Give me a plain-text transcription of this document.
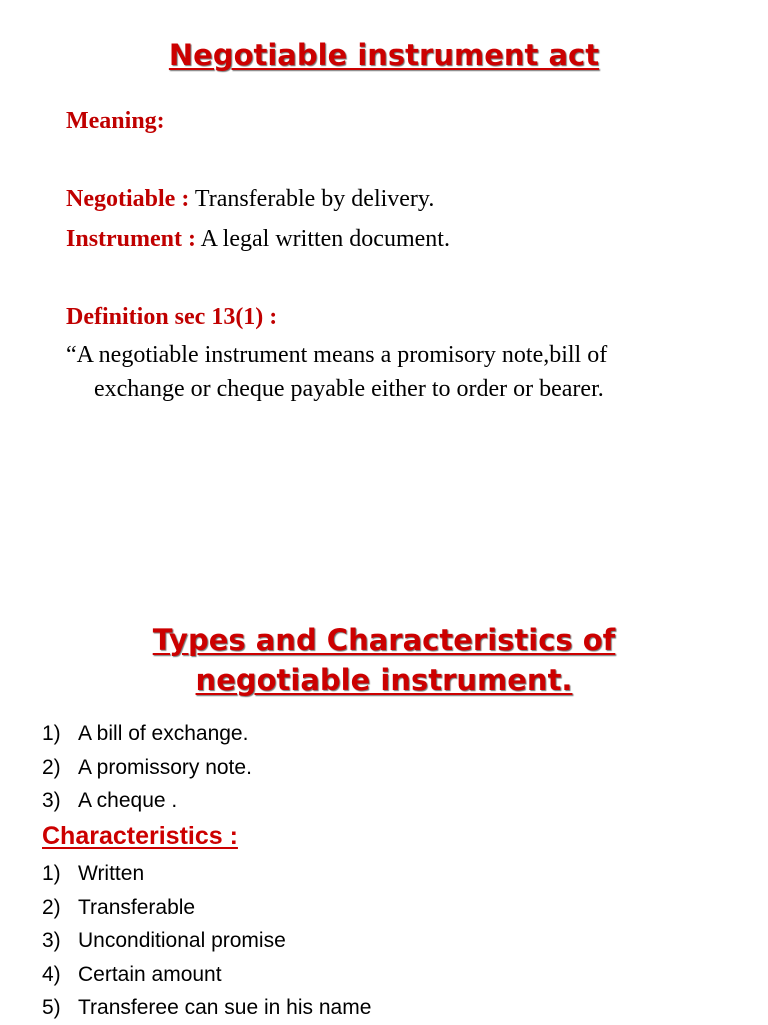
Negotiable instrument act
Meaning:
Negotiable : Transferable by delivery.
Instrument : A legal written document.
Definition sec 13(1) :
“A negotiable instrument means a promisory note,bill of
exchange or cheque payable either to order or bearer.
Types and Characteristics of
negotiable instrument.
1) A bill of exchange.
2) A promissory note.
3) A cheque .
Characteristics :
1) Written
2) Transferable
3) Unconditional promise
4) Certain amount
5) Transferee can sue in his name
